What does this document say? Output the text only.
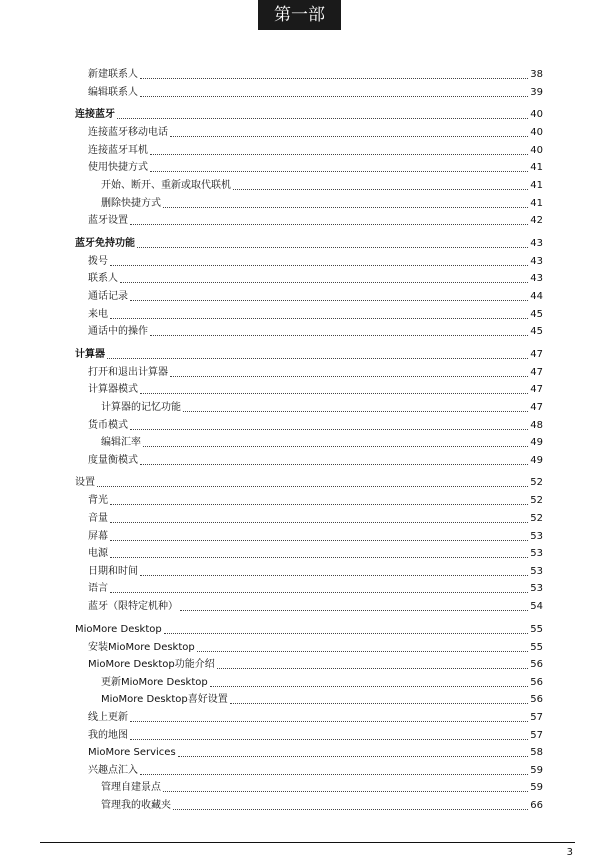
第一部
新建联系人	38
编辑联系人	39
连接蓝牙	40
连接蓝牙移动电话	40
连接蓝牙耳机	40
使用快捷方式	41
开始、断开、重新或取代联机	41
删除快捷方式	41
蓝牙设置	42
蓝牙免持功能	43
拨号	43
联系人	43
通话记录	44
来电	45
通话中的操作	45
计算器	47
打开和退出计算器	47
计算器模式	47
计算器的记忆功能	47
货币模式	48
编辑汇率	49
度量衡模式	49
设置	52
背光	52
音量	52
屏幕	53
电源	53
日期和时间	53
语言	53
蓝牙（限特定机种）	54
MioMore Desktop	55
安装MioMore Desktop	55
MioMore Desktop功能介绍	56
更新MioMore Desktop	56
MioMore Desktop喜好设置	56
线上更新	57
我的地图	57
MioMore Services	58
兴趣点汇入	59
管理自建景点	59
管理我的收藏夹	66
3
